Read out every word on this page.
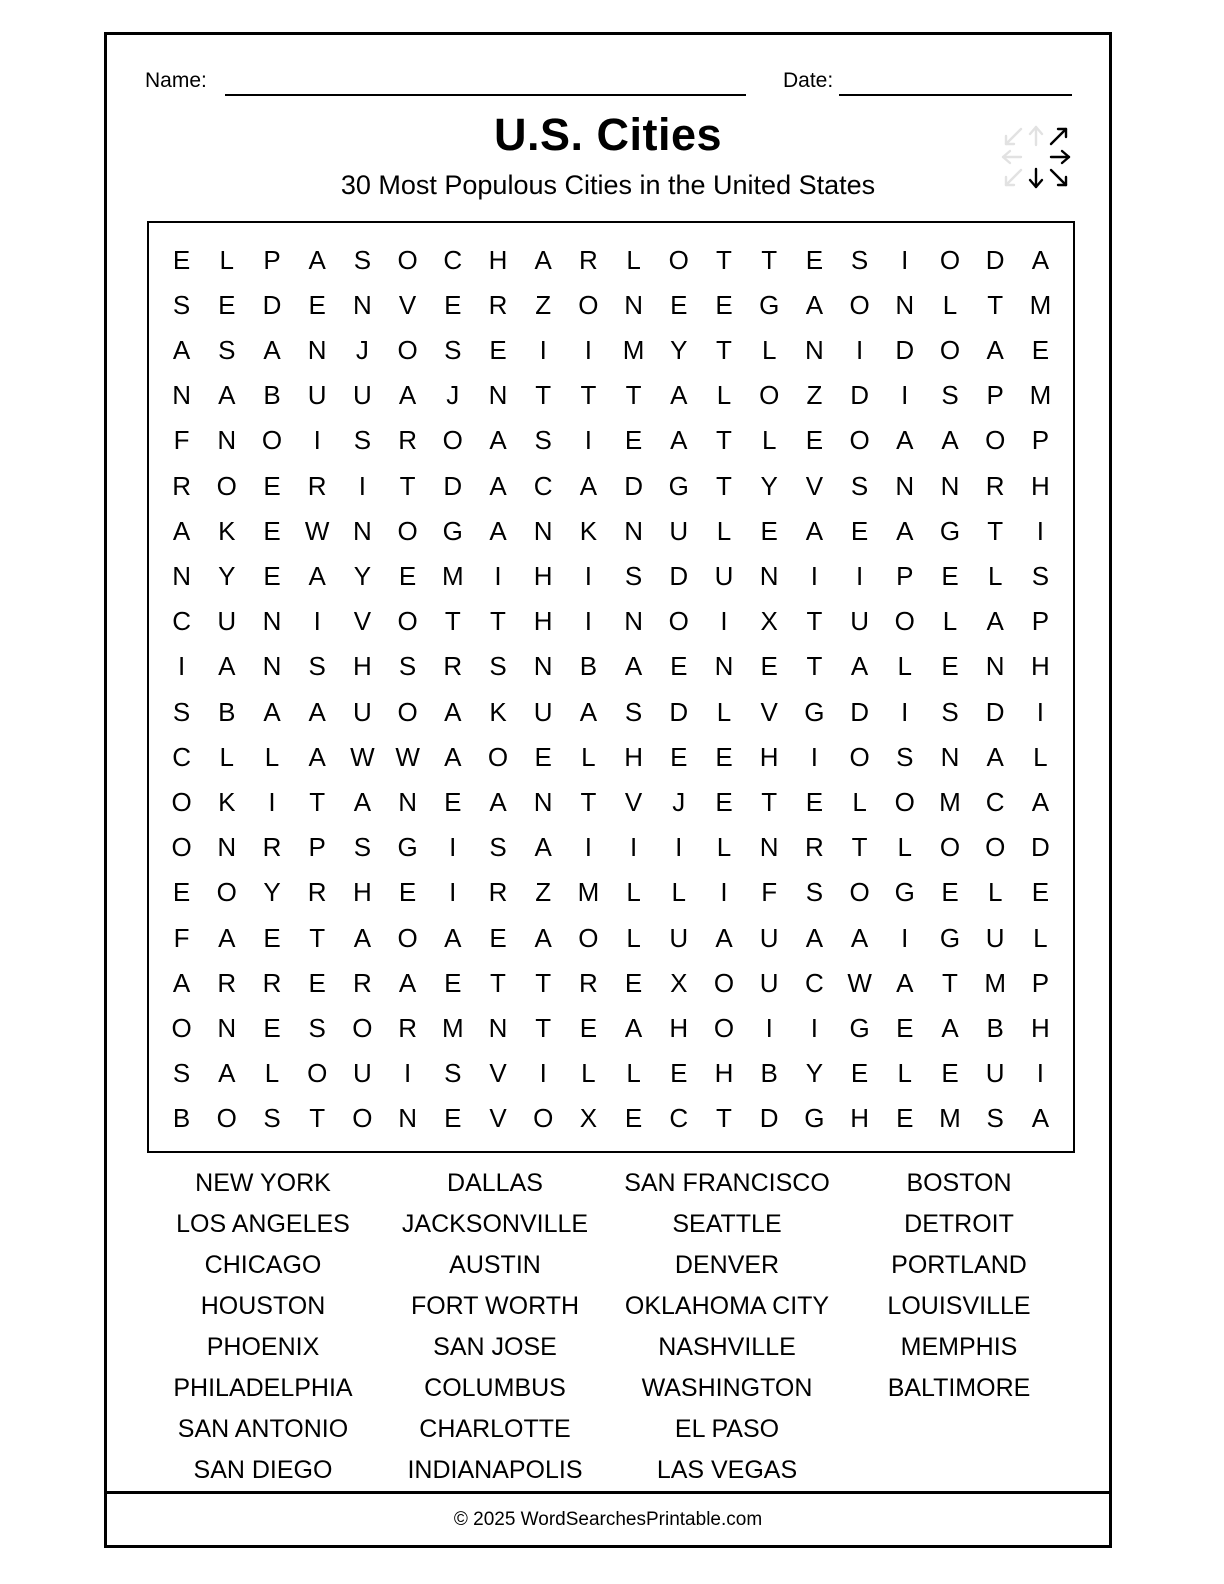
Name:	Date:
U.S. Cities

30 Most Populous Cities in the United States

E L P A S O C H A R L O T T E S I O D A
S E D E N V E R Z O N E E G A O N L T M
A S A N J O S E I I M Y T L N I D O A E
N A B U U A J N T T T A L O Z D I S P M
F N O I S R O A S I E A T L E O A A O P
R O E R I T D A C A D G T Y V S N N R H
A K E W N O G A N K N U L E A E A G T I
N Y E A Y E M I H I S D U N I I P E L S
C U N I V O T T H I N O I X T U O L A P
I A N S H S R S N B A E N E T A L E N H
S B A A U O A K U A S D L V G D I S D I
C L L A W W A O E L H E E H I O S N A L
O K I T A N E A N T V J E T E L O M C A
O N R P S G I S A I I I L N R T L O O D
E O Y R H E I R Z M L L I F S O G E L E
F A E T A O A E A O L U A U A A I G U L
A R R E R A E T T R E X O U C W A T M P
O N E S O R M N T E A H O I I G E A B H
S A L O U I S V I L L E H B Y E L E U I
B O S T O N E V O X E C T D G H E M S A
NEW YORK	DALLAS	SAN FRANCISCO	BOSTON
LOS ANGELES	JACKSONVILLE	SEATTLE	DETROIT
CHICAGO	AUSTIN	DENVER	PORTLAND
HOUSTON	FORT WORTH	OKLAHOMA CITY	LOUISVILLE
PHOENIX	SAN JOSE	NASHVILLE	MEMPHIS
PHILADELPHIA	COLUMBUS	WASHINGTON	BALTIMORE
SAN ANTONIO	CHARLOTTE	EL PASO
SAN DIEGO	INDIANAPOLIS	LAS VEGAS
© 2025 WordSearchesPrintable.com
